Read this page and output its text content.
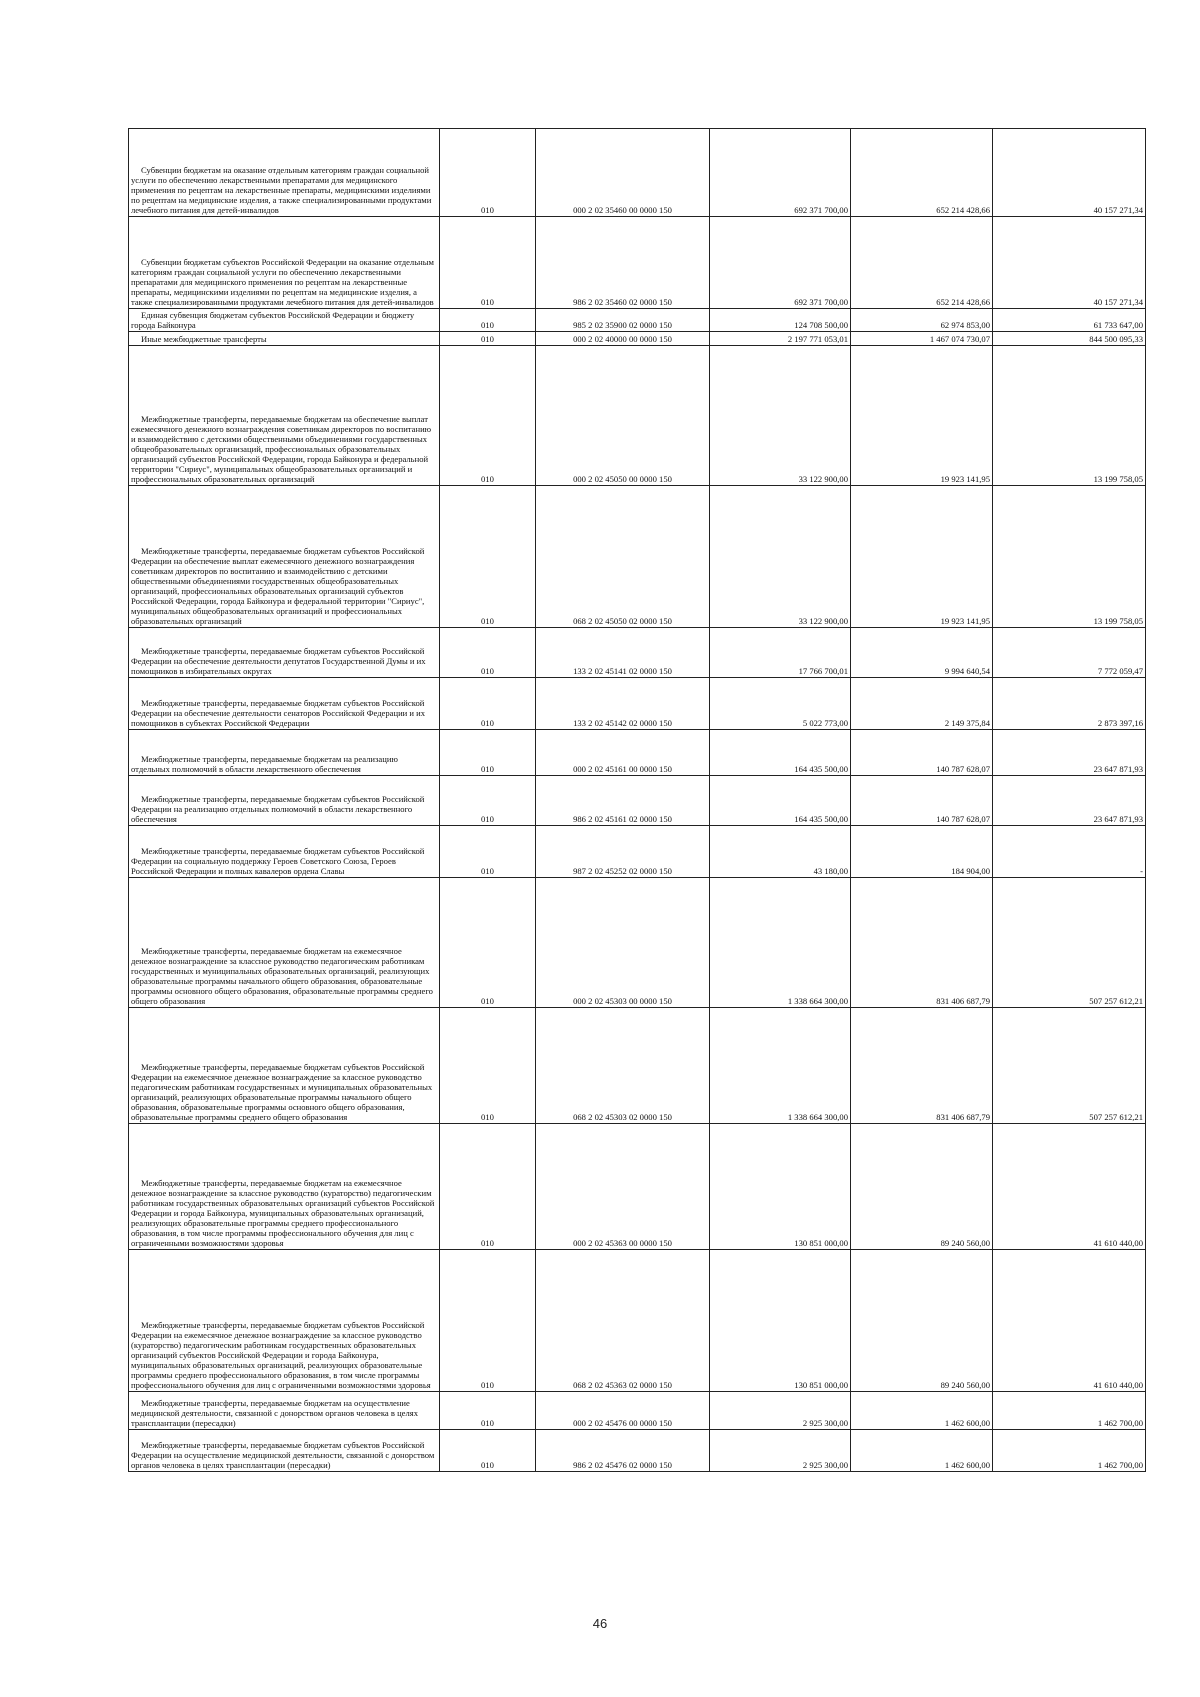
Субвенции бюджетам на оказание отдельным категориям граждан социальной услуги по обеспечению лекарственными препаратами для медицинского применения по рецептам на лекарственные препараты, медицинскими изделиями по рецептам на медицинские изделия, а также специализированными продуктами лечебного питания для детей-инвалидов	010	000 2 02 35460 00 0000 150	692 371 700,00	652 214 428,66	40 157 271,34

Субвенции бюджетам субъектов Российской Федерации на оказание отдельным категориям граждан социальной услуги по обеспечению лекарственными препаратами для медицинского применения по рецептам на лекарственные препараты, медицинскими изделиями по рецептам на медицинские изделия, а также специализированными продуктами лечебного питания для детей-инвалидов	010	986 2 02 35460 02 0000 150	692 371 700,00	652 214 428,66	40 157 271,34

Единая субвенция бюджетам субъектов Российской Федерации и бюджету города Байконура	010	985 2 02 35900 02 0000 150	124 708 500,00	62 974 853,00	61 733 647,00

Иные межбюджетные трансферты	010	000 2 02 40000 00 0000 150	2 197 771 053,01	1 467 074 730,07	844 500 095,33

Межбюджетные трансферты, передаваемые бюджетам на обеспечение выплат ежемесячного денежного вознаграждения советникам директоров по воспитанию и взаимодействию с детскими общественными объединениями государственных общеобразовательных организаций, профессиональных образовательных организаций субъектов Российской Федерации, города Байконура и федеральной территории "Сириус", муниципальных общеобразовательных организаций и профессиональных образовательных организаций	010	000 2 02 45050 00 0000 150	33 122 900,00	19 923 141,95	13 199 758,05

Межбюджетные трансферты, передаваемые бюджетам субъектов Российской Федерации на обеспечение выплат ежемесячного денежного вознаграждения советникам директоров по воспитанию и взаимодействию с детскими общественными объединениями государственных общеобразовательных организаций, профессиональных образовательных организаций субъектов Российской Федерации, города Байконура и федеральной территории "Сириус", муниципальных общеобразовательных организаций и профессиональных образовательных организаций	010	068 2 02 45050 02 0000 150	33 122 900,00	19 923 141,95	13 199 758,05

Межбюджетные трансферты, передаваемые бюджетам субъектов Российской Федерации на обеспечение деятельности депутатов Государственной Думы и их помощников в избирательных округах	010	133 2 02 45141 02 0000 150	17 766 700,01	9 994 640,54	7 772 059,47

Межбюджетные трансферты, передаваемые бюджетам субъектов Российской Федерации на обеспечение деятельности сенаторов Российской Федерации и их помощников в субъектах Российской Федерации	010	133 2 02 45142 02 0000 150	5 022 773,00	2 149 375,84	2 873 397,16

Межбюджетные трансферты, передаваемые бюджетам на реализацию отдельных полномочий в области лекарственного обеспечения	010	000 2 02 45161 00 0000 150	164 435 500,00	140 787 628,07	23 647 871,93

Межбюджетные трансферты, передаваемые бюджетам субъектов Российской Федерации на реализацию отдельных полномочий в области лекарственного обеспечения	010	986 2 02 45161 02 0000 150	164 435 500,00	140 787 628,07	23 647 871,93

Межбюджетные трансферты, передаваемые бюджетам субъектов Российской Федерации на социальную поддержку Героев Советского Союза, Героев Российской Федерации и полных кавалеров ордена Славы	010	987 2 02 45252 02 0000 150	43 180,00	184 904,00	-

Межбюджетные трансферты, передаваемые бюджетам на ежемесячное денежное вознаграждение за классное руководство педагогическим работникам государственных и муниципальных образовательных организаций, реализующих образовательные программы начального общего образования, образовательные программы основного общего образования, образовательные программы среднего общего образования	010	000 2 02 45303 00 0000 150	1 338 664 300,00	831 406 687,79	507 257 612,21

Межбюджетные трансферты, передаваемые бюджетам субъектов Российской Федерации на ежемесячное денежное вознаграждение за классное руководство педагогическим работникам государственных и муниципальных образовательных организаций, реализующих образовательные программы начального общего образования, образовательные программы основного общего образования, образовательные программы среднего общего образования	010	068 2 02 45303 02 0000 150	1 338 664 300,00	831 406 687,79	507 257 612,21

Межбюджетные трансферты, передаваемые бюджетам на ежемесячное денежное вознаграждение за классное руководство (кураторство) педагогическим работникам государственных образовательных организаций субъектов Российской Федерации и города Байконура, муниципальных образовательных организаций, реализующих образовательные программы среднего профессионального образования, в том числе программы профессионального обучения для лиц с ограниченными возможностями здоровья	010	000 2 02 45363 00 0000 150	130 851 000,00	89 240 560,00	41 610 440,00

Межбюджетные трансферты, передаваемые бюджетам субъектов Российской Федерации на ежемесячное денежное вознаграждение за классное руководство (кураторство) педагогическим работникам государственных образовательных организаций субъектов Российской Федерации и города Байконура, муниципальных образовательных организаций, реализующих образовательные программы среднего профессионального образования, в том числе программы профессионального обучения для лиц с ограниченными возможностями здоровья	010	068 2 02 45363 02 0000 150	130 851 000,00	89 240 560,00	41 610 440,00

Межбюджетные трансферты, передаваемые бюджетам на осуществление медицинской деятельности, связанной с донорством органов человека в целях трансплантации (пересадки)	010	000 2 02 45476 00 0000 150	2 925 300,00	1 462 600,00	1 462 700,00

Межбюджетные трансферты, передаваемые бюджетам субъектов Российской Федерации на осуществление медицинской деятельности, связанной с донорством органов человека в целях трансплантации (пересадки)	010	986 2 02 45476 02 0000 150	2 925 300,00	1 462 600,00	1 462 700,00
46
